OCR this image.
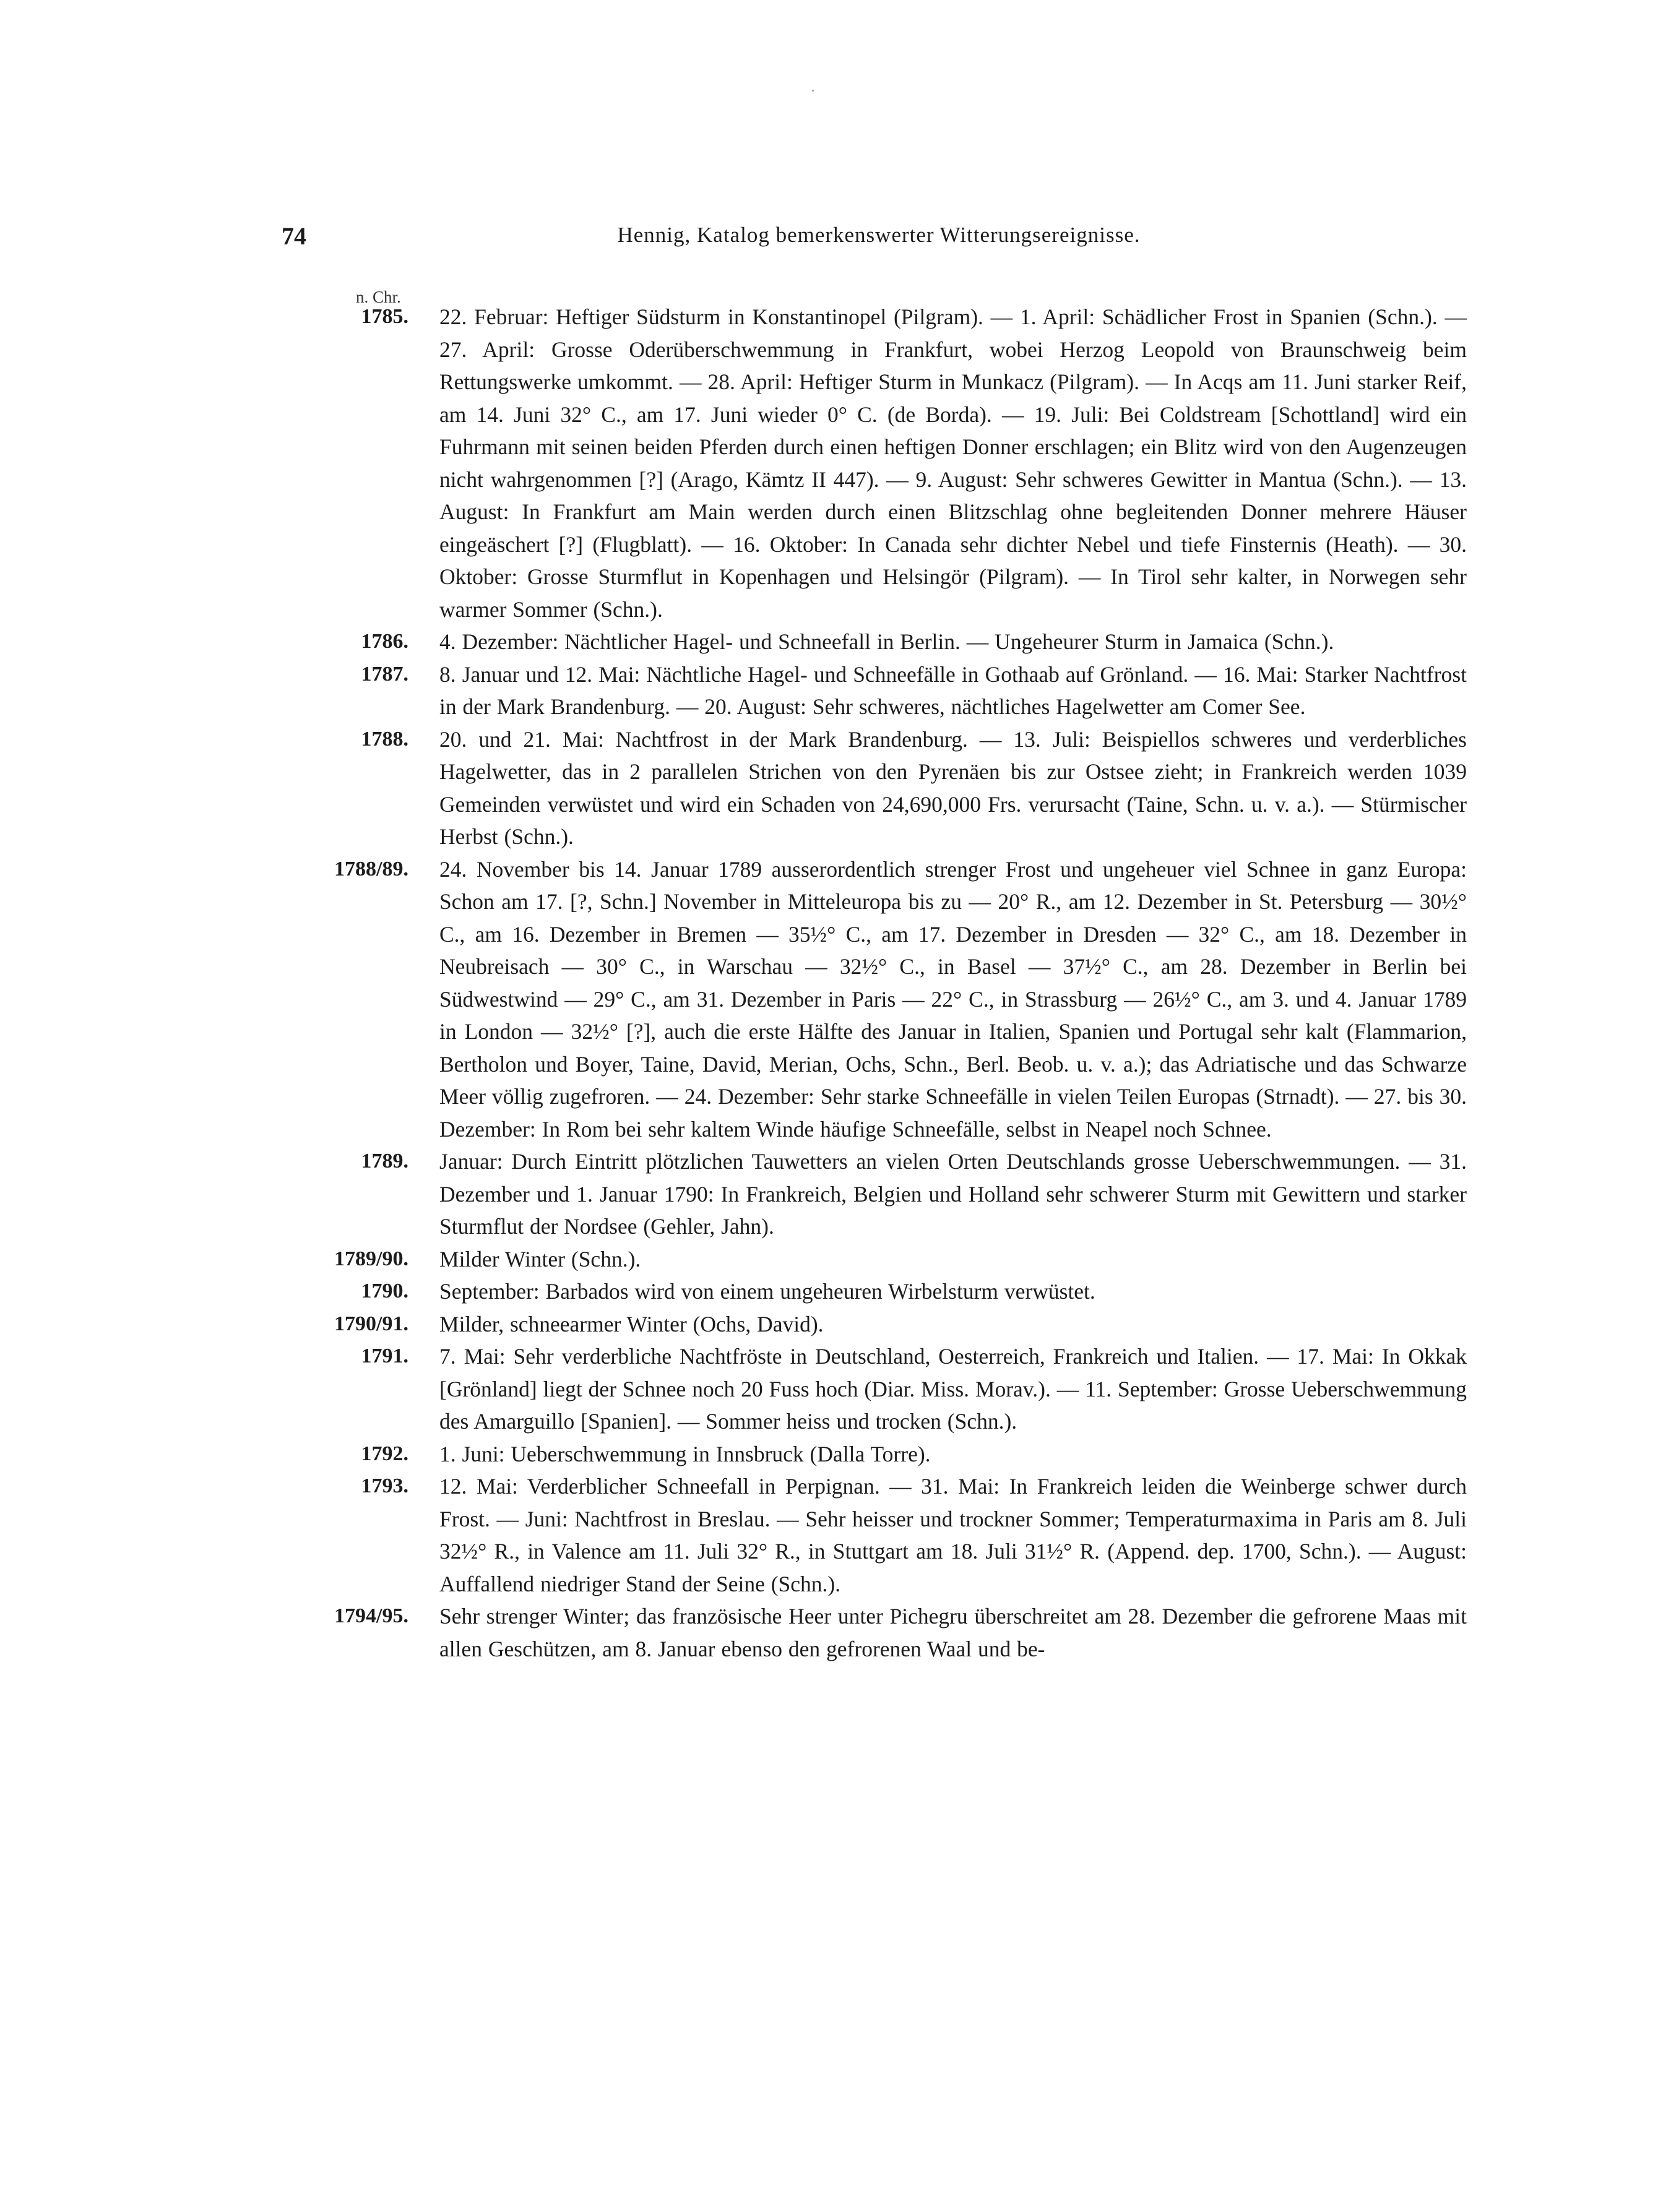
74	Hennig, Katalog bemerkenswerter Witterungsereignisse.
n. Chr.
1785. 22. Februar: Heftiger Südsturm in Konstantinopel (Pilgram). — 1. April: Schädlicher Frost in Spanien (Schn.). — 27. April: Grosse Oderüberschwemmung in Frankfurt, wobei Herzog Leopold von Braunschweig beim Rettungswerke umkommt. — 28. April: Heftiger Sturm in Munkacz (Pilgram). — In Acqs am 11. Juni starker Reif, am 14. Juni 32° C., am 17. Juni wieder 0° C. (de Borda). — 19. Juli: Bei Coldstream [Schottland] wird ein Fuhrmann mit seinen beiden Pferden durch einen heftigen Donner erschlagen; ein Blitz wird von den Augenzeugen nicht wahrgenommen [?] (Arago, Kämtz II 447). — 9. August: Sehr schweres Gewitter in Mantua (Schn.). — 13. August: In Frankfurt am Main werden durch einen Blitzschlag ohne begleitenden Donner mehrere Häuser eingeäschert [?] (Flugblatt). — 16. Oktober: In Canada sehr dichter Nebel und tiefe Finsternis (Heath). — 30. Oktober: Grosse Sturmflut in Kopenhagen und Helsingör (Pilgram). — In Tirol sehr kalter, in Norwegen sehr warmer Sommer (Schn.).
1786. 4. Dezember: Nächtlicher Hagel- und Schneefall in Berlin. — Ungeheurer Sturm in Jamaica (Schn.).
1787. 8. Januar und 12. Mai: Nächtliche Hagel- und Schneefälle in Gothaab auf Grönland. — 16. Mai: Starker Nachtfrost in der Mark Brandenburg. — 20. August: Sehr schweres, nächtliches Hagelwetter am Comer See.
1788. 20. und 21. Mai: Nachtfrost in der Mark Brandenburg. — 13. Juli: Beispiellos schweres und verderbliches Hagelwetter, das in 2 parallelen Strichen von den Pyrenäen bis zur Ostsee zieht; in Frankreich werden 1039 Gemeinden verwüstet und wird ein Schaden von 24,690,000 Frs. verursacht (Taine, Schn. u. v. a.). — Stürmischer Herbst (Schn.).
1788/89. 24. November bis 14. Januar 1789 ausserordentlich strenger Frost und ungeheuer viel Schnee in ganz Europa: Schon am 17. [?, Schn.] November in Mitteleuropa bis zu — 20° R., am 12. Dezember in St. Petersburg — 30½° C., am 16. Dezember in Bremen — 35½° C., am 17. Dezember in Dresden — 32° C., am 18. Dezember in Neubreisach — 30° C., in Warschau — 32½° C., in Basel — 37½° C., am 28. Dezember in Berlin bei Südwestwind — 29° C., am 31. Dezember in Paris — 22° C., in Strassburg — 26½° C., am 3. und 4. Januar 1789 in London — 32½° [?], auch die erste Hälfte des Januar in Italien, Spanien und Portugal sehr kalt (Flammarion, Bertholon und Boyer, Taine, David, Merian, Ochs, Schn., Berl. Beob. u. v. a.); das Adriatische und das Schwarze Meer völlig zugefroren. — 24. Dezember: Sehr starke Schneefälle in vielen Teilen Europas (Strnadt). — 27. bis 30. Dezember: In Rom bei sehr kaltem Winde häufige Schneefälle, selbst in Neapel noch Schnee.
1789. Januar: Durch Eintritt plötzlichen Tauwetters an vielen Orten Deutschlands grosse Ueberschwemmungen. — 31. Dezember und 1. Januar 1790: In Frankreich, Belgien und Holland sehr schwerer Sturm mit Gewittern und starker Sturmflut der Nordsee (Gehler, Jahn).
1789/90. Milder Winter (Schn.).
1790. September: Barbados wird von einem ungeheuren Wirbelsturm verwüstet.
1790/91. Milder, schneearmer Winter (Ochs, David).
1791. 7. Mai: Sehr verderbliche Nachtfröste in Deutschland, Oesterreich, Frankreich und Italien. — 17. Mai: In Okkak [Grönland] liegt der Schnee noch 20 Fuss hoch (Diar. Miss. Morav.). — 11. September: Grosse Ueberschwemmung des Amarguillo [Spanien]. — Sommer heiss und trocken (Schn.).
1792. 1. Juni: Ueberschwemmung in Innsbruck (Dalla Torre).
1793. 12. Mai: Verderblicher Schneefall in Perpignan. — 31. Mai: In Frankreich leiden die Weinberge schwer durch Frost. — Juni: Nachtfrost in Breslau. — Sehr heisser und trockner Sommer; Temperaturmaxima in Paris am 8. Juli 32½° R., in Valence am 11. Juli 32° R., in Stuttgart am 18. Juli 31½° R. (Append. dep. 1700, Schn.). — August: Auffallend niedriger Stand der Seine (Schn.).
1794/95. Sehr strenger Winter; das französische Heer unter Pichegru überschreitet am 28. Dezember die gefrorene Maas mit allen Geschützen, am 8. Januar ebenso den gefrorenen Waal und be-
